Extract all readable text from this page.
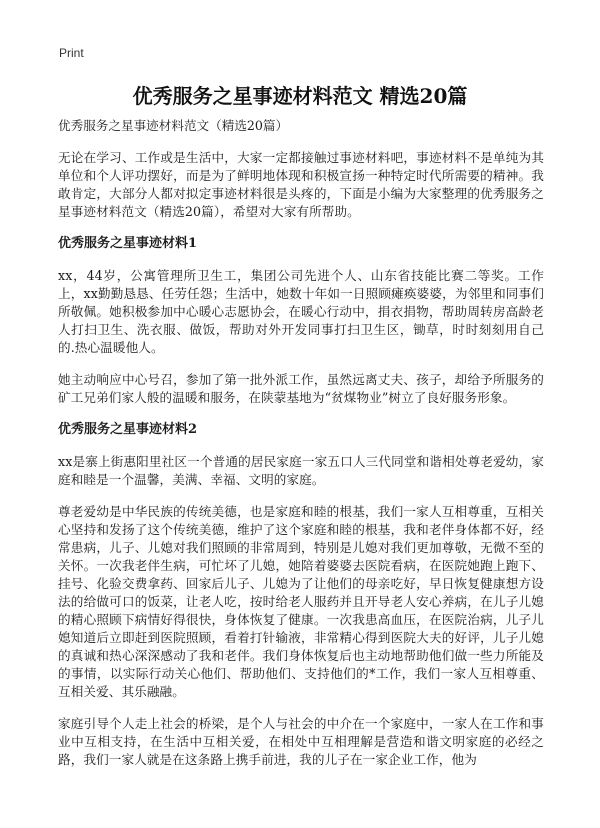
Print
优秀服务之星事迹材料范文 精选20篇

优秀服务之星事迹材料范文（精选20篇）

无论在学习、工作或是生活中，大家一定都接触过事迹材料吧，事迹材料不是单纯为其单位和个人评功摆好，而是为了鲜明地体现和积极宣扬一种特定时代所需要的精神。我敢肯定，大部分人都对拟定事迹材料很是头疼的，下面是小编为大家整理的优秀服务之星事迹材料范文（精选20篇），希望对大家有所帮助。

优秀服务之星事迹材料1

xx，44岁，公寓管理所卫生工，集团公司先进个人、山东省技能比赛二等奖。工作上，xx勤勤恳恳、任劳任怨；生活中，她数十年如一日照顾瘫痪婆婆，为邻里和同事们所敬佩。她积极参加中心暖心志愿协会，在暖心行动中，捐衣捐物，帮助周转房高龄老人打扫卫生、洗衣服、做饭，帮助对外开发同事打扫卫生区，锄草，时时刻刻用自己的.热心温暖他人。

她主动响应中心号召，参加了第一批外派工作，虽然远离丈夫、孩子，却给予所服务的矿工兄弟们家人般的温暖和服务，在陕蒙基地为“贫煤物业”树立了良好服务形象。

优秀服务之星事迹材料2

xx是寨上街惠阳里社区一个普通的居民家庭一家五口人三代同堂和谐相处尊老爱幼，家庭和睦是一个温馨，美满、幸福、文明的家庭。

尊老爱幼是中华民族的传统美德，也是家庭和睦的根基，我们一家人互相尊重，互相关心坚持和发扬了这个传统美德，维护了这个家庭和睦的根基，我和老伴身体都不好，经常患病，儿子、儿媳对我们照顾的非常周到，特别是儿媳对我们更加尊敬，无微不至的关怀。一次我老伴生病，可忙坏了儿媳，她陪着婆婆去医院看病，在医院她跑上跑下、挂号、化验交费拿药、回家后儿子、儿媳为了让他们的母亲吃好，早日恢复健康想方设法的给做可口的饭菜，让老人吃，按时给老人服药并且开导老人安心养病，在儿子儿媳的精心照顾下病情好得很快，身体恢复了健康。一次我患高血压，在医院治病，儿子儿媳知道后立即赶到医院照顾，看着打针输液，非常精心得到医院大夫的好评，儿子儿媳的真诚和热心深深感动了我和老伴。我们身体恢复后也主动地帮助他们做一些力所能及的事情，以实际行动关心他们、帮助他们、支持他们的*工作，我们一家人互相尊重、互相关爱、其乐融融。

家庭引导个人走上社会的桥梁，是个人与社会的中介在一个家庭中，一家人在工作和事业中互相支持，在生活中互相关爱，在相处中互相理解是营造和谐文明家庭的必经之路，我们一家人就是在这条路上携手前进，我的儿子在一家企业工作，他为
